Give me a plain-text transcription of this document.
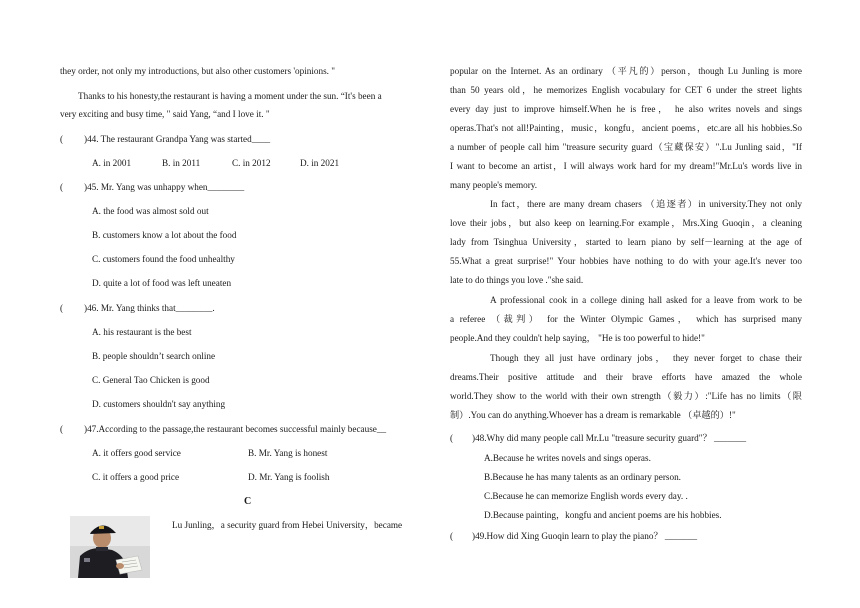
they order, not only my introductions, but also other customers 'opinions. "
Thanks to his honesty,the restaurant is having a moment under the sun. “It's been a
very exciting and busy time, " said Yang, “and I love it. "
(	) 44. The restaurant Grandpa Yang was started____
A. in 2001	B. in 2011	C. in 2012	D. in 2021
(	) 45. Mr. Yang was unhappy when________
A. the food was almost sold out
B. customers know a lot about the food
C. customers found the food unhealthy
D. quite a lot of food was left uneaten
(	) 46. Mr. Yang thinks that________.
A. his restaurant is the best
B. people shouldn’t search online
C. General Tao Chicken is good
D. customers shouldn't say anything
(	) 47.According to the passage,the restaurant becomes successful mainly because__
A. it offers good service	B. Mr. Yang is honest
C. it offers a good price	D. Mr. Yang is foolish
Lu Junling，a security guard from Hebei University，became
C
popular on the Internet. As an ordinary （平凡的）person，though Lu Junling is more
than 50 years old，he memorizes English vocabulary for CET 6 under the street lights
every day just to improve himself.When he is free， he also writes novels and sings
operas.That's not all!Painting，music，kongfu，ancient poems，etc.are all his hobbies.So
a number of people call him "treasure security guard（宝藏保安）".Lu Junling said，"If
I want to become an artist，I will always work hard for my dream!"Mr.Lu's words live in
many people's memory.
In fact，there are many dream chasers （追逐者）in university.They not only
love their jobs，but also keep on learning.For example，Mrs.Xing Guoqin，a cleaning
lady from Tsinghua University，started to learn piano by self－learning at the age of
55.What a great surprise!" Your hobbies have nothing to do with your age.It's never too
late to do things you love ."she said.
A professional cook in a college dining hall asked for a leave from work to be
a referee （裁判） for the Winter Olympic Games， which has surprised many
people.And they couldn't help saying， "He is too powerful to hide!"
Though they all just have ordinary jobs， they never forget to chase their
dreams.Their positive attitude and their brave efforts have amazed the whole
world.They show to the world with their own strength（毅力）:"Life has no limits（限
制）.You can do anything.Whoever has a dream is remarkable （卓越的）!"
(	) 48.Why did many people call Mr.Lu "treasure security guard"？ _______
A.Because he writes novels and sings operas.
B.Because he has many talents as an ordinary person.
C.Because he can memorize English words every day. .
D.Because painting，kongfu and ancient poems are his hobbies.
(	) 49.How did Xing Guoqin learn to play the piano？ _______
